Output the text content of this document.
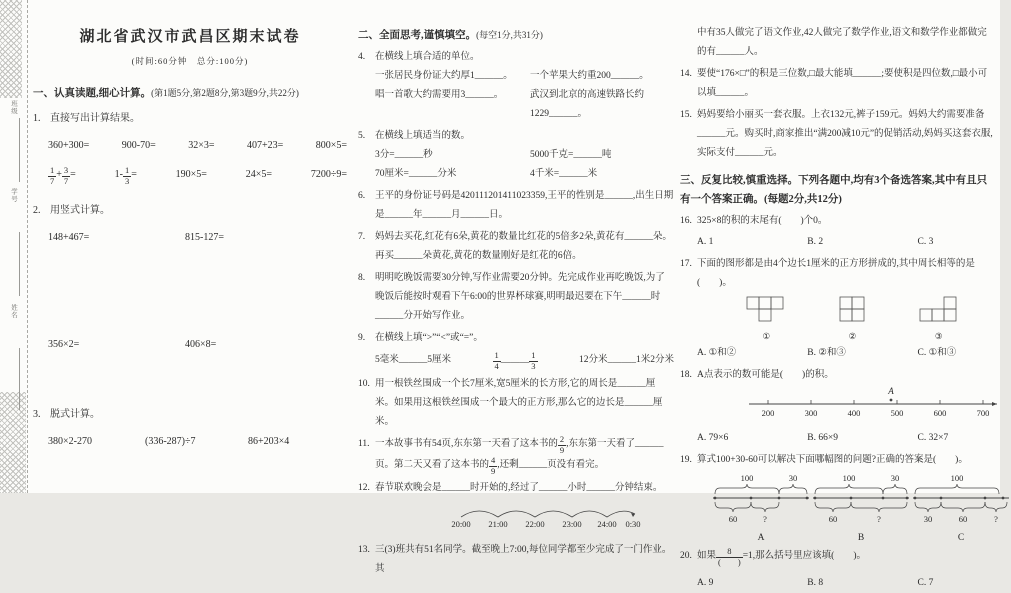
班级
学号
姓名
湖北省武汉市武昌区期末试卷
(时间:60分钟　总分:100分)
一、认真读题,细心计算。(第1题5分,第2题8分,第3题9分,共22分)
1. 直接写出计算结果。
360+300=	900-70=	32×3=	407+23=	800×5=
$\frac{1}{7} + \frac{3}{7}$ =	$1- \frac{1}{3}$ =	190×5=	24×5=	7200÷9=
2. 用竖式计算。
148+467=	815-127=
356×2=	406×8=
3. 脱式计算。
380×2-270	(336-287)÷7	86+203×4
二、全面思考,谨慎填空。(每空1分,共31分)
4. 在横线上填合适的单位。
一张居民身份证大约厚1______。	一个苹果大约重200______。
唱一首歌大约需要用3______。	武汉到北京的高速铁路长约1229______。
5. 在横线上填适当的数。
3分=______秒	5000千克=______吨
70厘米=______分米	4千米=______米
6. 王平的身份证号码是420111201411023359,王平的性别是______,出生日期是______年______月______日。
7. 妈妈去买花,红花有6朵,黄花的数量比红花的5倍多2朵,黄花有______朵。再买______朵黄花,黄花的数量刚好是红花的6倍。
8. 明明吃晚饭需要30分钟,写作业需要20分钟。先完成作业再吃晚饭,为了晚饭后能按时观看下午6:00的世界杯球赛,明明最迟要在下午______时______分开始写作业。
9. 在横线上填“>”“<”或“=”。
5毫米______5厘米	$\frac{1}{4}$ ______ $\frac{1}{3}$	12分米______1米2分米
10. 用一根铁丝围成一个长7厘米,宽5厘米的长方形,它的周长是______厘米。如果用这根铁丝围成一个最大的正方形,那么它的边长是______厘米。
11. 一本故事书有54页,东东第一天看了这本书的 $\frac{2}{9}$ ,东东第一天看了______页。第二天又看了这本书的 $\frac{4}{9}$ ,还剩______页没有看完。
12. 春节联欢晚会是______时开始的,经过了______小时______分钟结束。
20:00 21:00 22:00 23:00 24:00 0:30
13. 三(3)班共有51名同学。截至晚上7:00,每位同学都至少完成了一门作业。其
中有35人做完了语文作业,42人做完了数学作业,语文和数学作业都做完的有______人。
14. 要使“176×□”的积是三位数,□最大能填______;要使积是四位数,□最小可以填______。
15. 妈妈要给小丽买一套衣服。上衣132元,裤子159元。妈妈大约需要准备______元。购买时,商家推出“满200减10元”的促销活动,妈妈买这套衣服,实际支付______元。
三、反复比较,慎重选择。下列各题中,均有3个备选答案,其中有且只有一个答案正确。(每题2分,共12分)
16. 325×8的积的末尾有(　　)个0。
A. 1	B. 2	C. 3
17. 下面的图形都是由4个边长1厘米的正方形拼成的,其中周长相等的是(　　)。
①	②	③
A. ①和②	B. ②和③	C. ①和③
18. A点表示的数可能是(　　)的积。
A
200	300	400	500	600	700
A. 79×6	B. 66×9	C. 32×7
19. 算式100+30-60可以解决下面哪幅图的问题?正确的答案是(　　)。
100	30
60	?
A
100	30
60	?
B
100
30	60	?
C
20. 如果 $\frac{8}{( )} =1$,那么括号里应该填(　　)。
A. 9	B. 8	C. 7
